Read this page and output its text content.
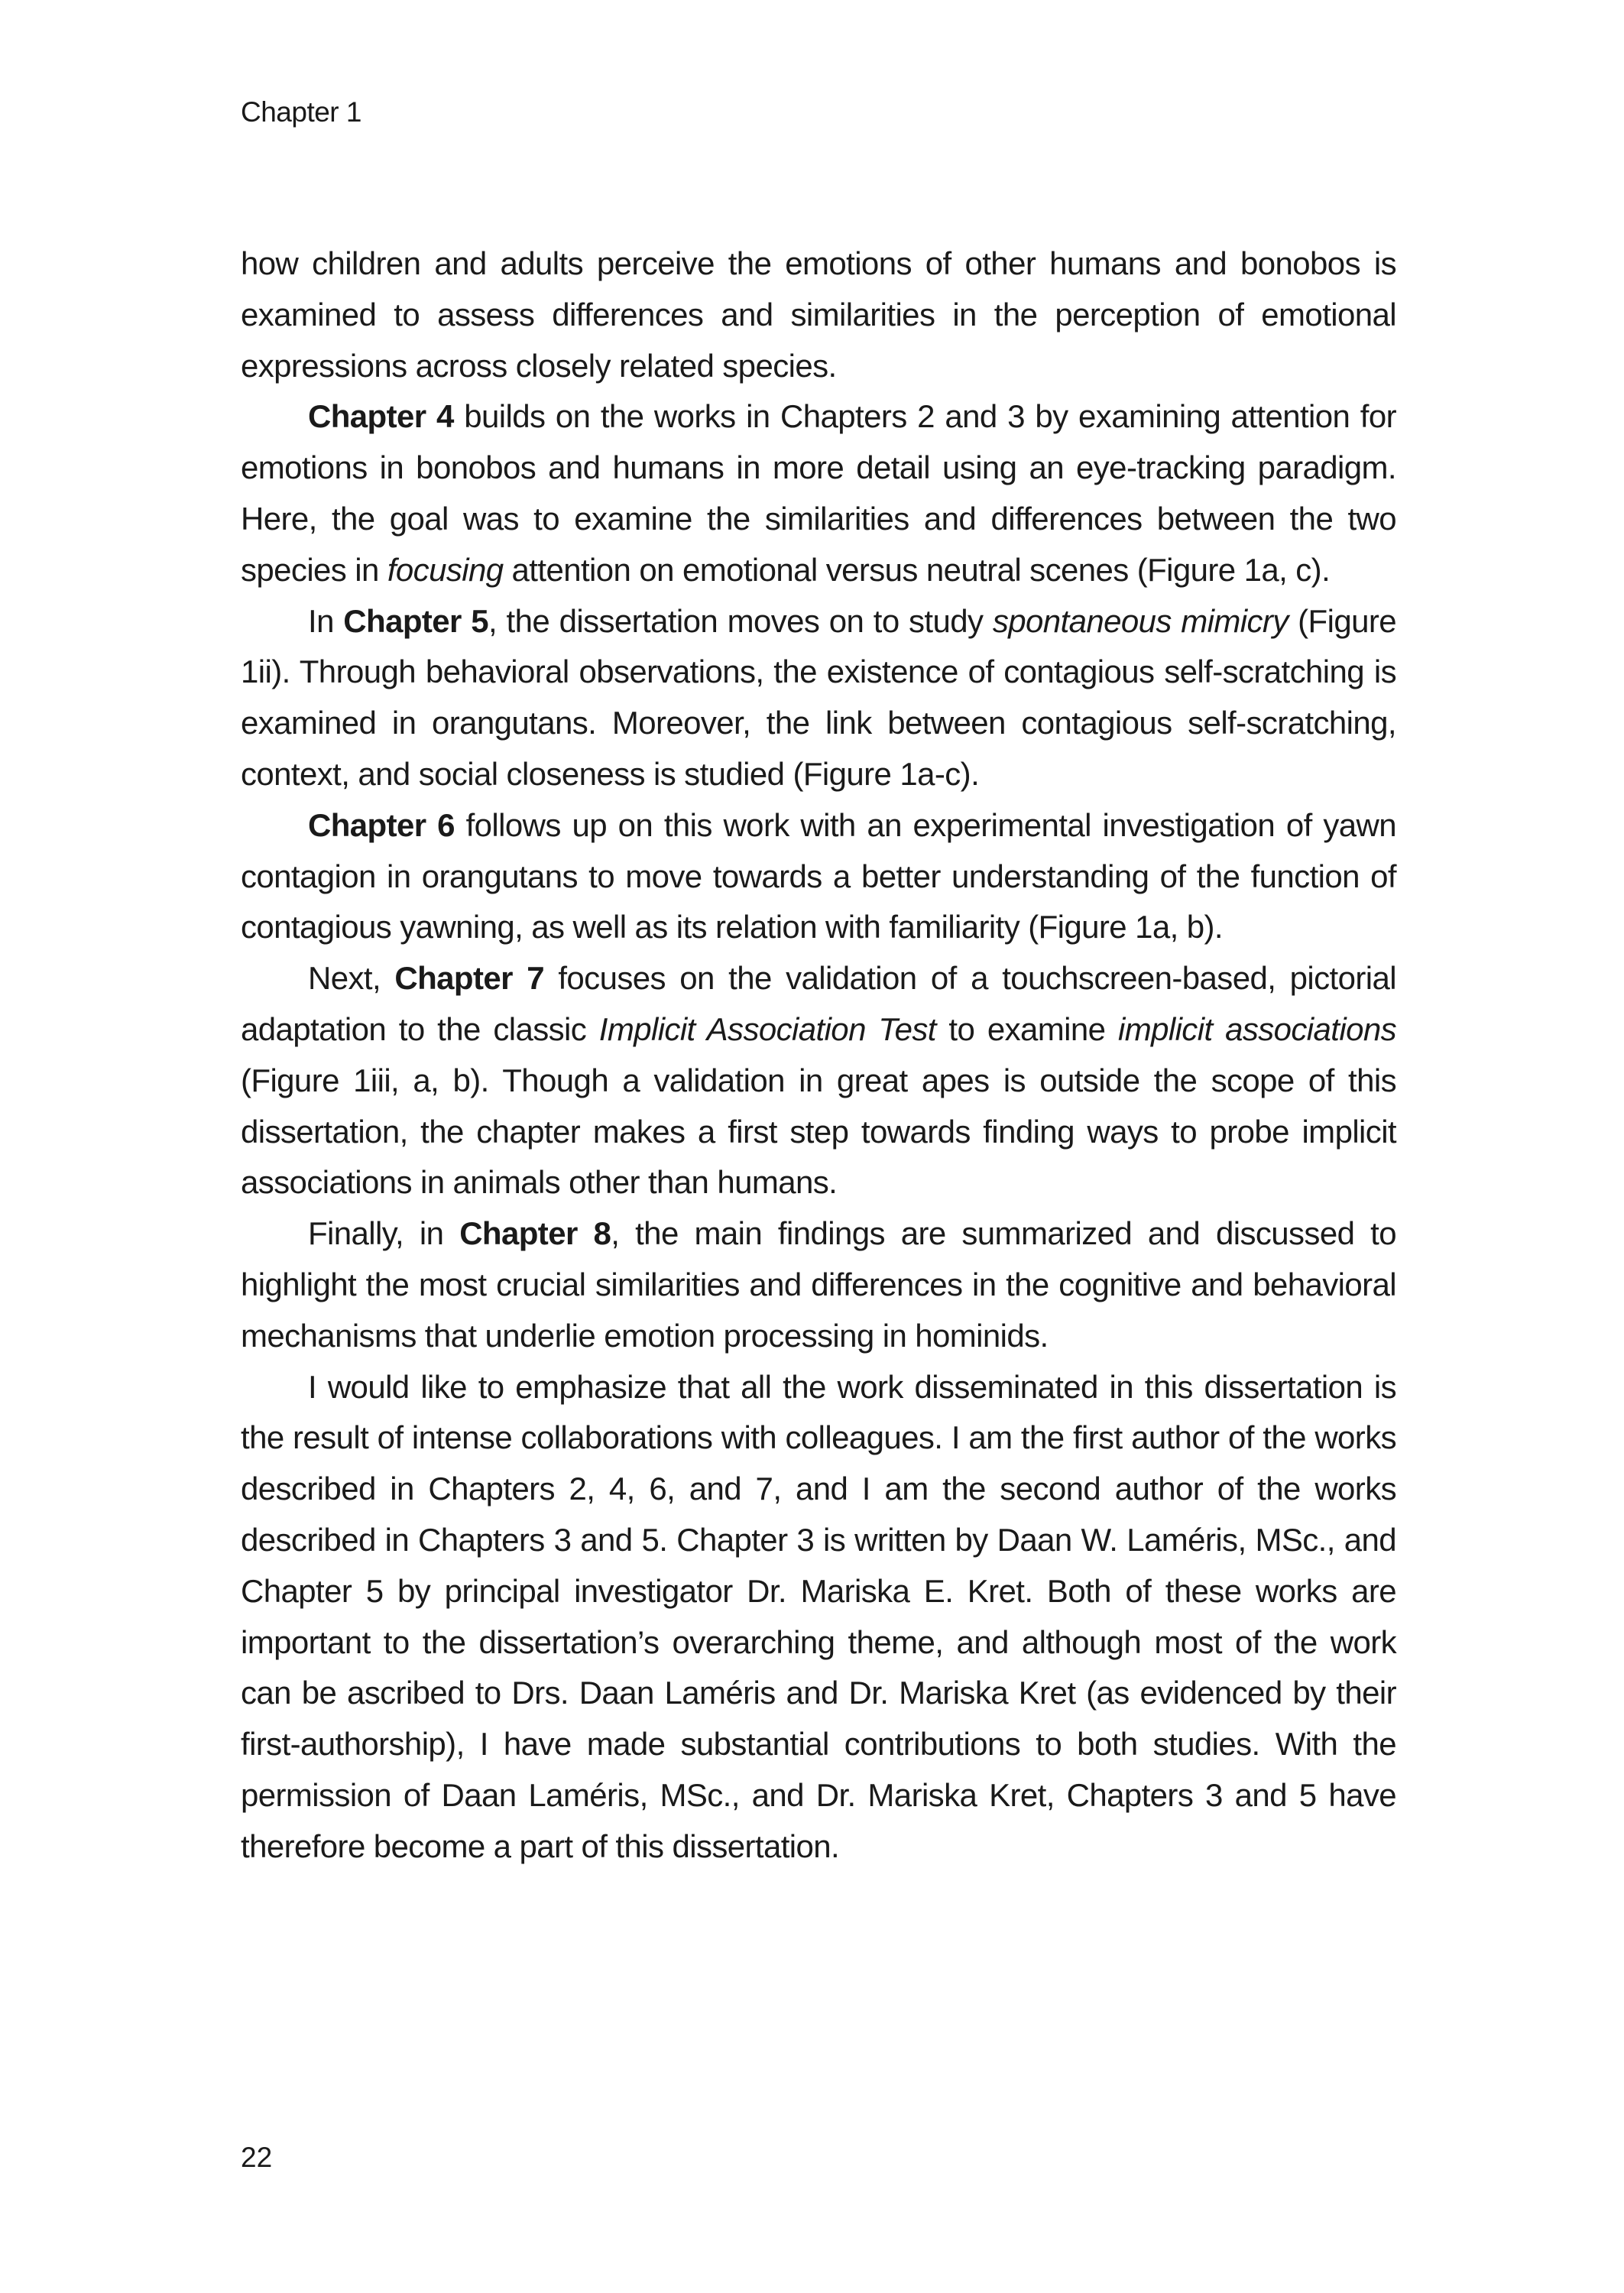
Chapter 1

how children and adults perceive the emotions of other humans and bonobos is examined to assess differences and similarities in the perception of emotional expressions across closely related species.

Chapter 4 builds on the works in Chapters 2 and 3 by examining attention for emotions in bonobos and humans in more detail using an eye-tracking paradigm. Here, the goal was to examine the similarities and differences between the two species in focusing attention on emotional versus neutral scenes (Figure 1a, c).

In Chapter 5, the dissertation moves on to study spontaneous mimicry (Figure 1ii). Through behavioral observations, the existence of contagious self-scratching is examined in orangutans. Moreover, the link between contagious self-scratching, context, and social closeness is studied (Figure 1a-c).

Chapter 6 follows up on this work with an experimental investigation of yawn contagion in orangutans to move towards a better understanding of the function of contagious yawning, as well as its relation with familiarity (Figure 1a, b).

Next, Chapter 7 focuses on the validation of a touchscreen-based, pictorial adaptation to the classic Implicit Association Test to examine implicit associations (Figure 1iii, a, b). Though a validation in great apes is outside the scope of this dissertation, the chapter makes a first step towards finding ways to probe implicit associations in animals other than humans.

Finally, in Chapter 8, the main findings are summarized and discussed to highlight the most crucial similarities and differences in the cognitive and behavioral mechanisms that underlie emotion processing in hominids.

I would like to emphasize that all the work disseminated in this dissertation is the result of intense collaborations with colleagues. I am the first author of the works described in Chapters 2, 4, 6, and 7, and I am the second author of the works described in Chapters 3 and 5. Chapter 3 is written by Daan W. Laméris, MSc., and Chapter 5 by principal investigator Dr. Mariska E. Kret. Both of these works are important to the dissertation’s overarching theme, and although most of the work can be ascribed to Drs. Daan Laméris and Dr. Mariska Kret (as evidenced by their first-authorship), I have made substantial contributions to both studies. With the permission of Daan Laméris, MSc., and Dr. Mariska Kret, Chapters 3 and 5 have therefore become a part of this dissertation.

22
